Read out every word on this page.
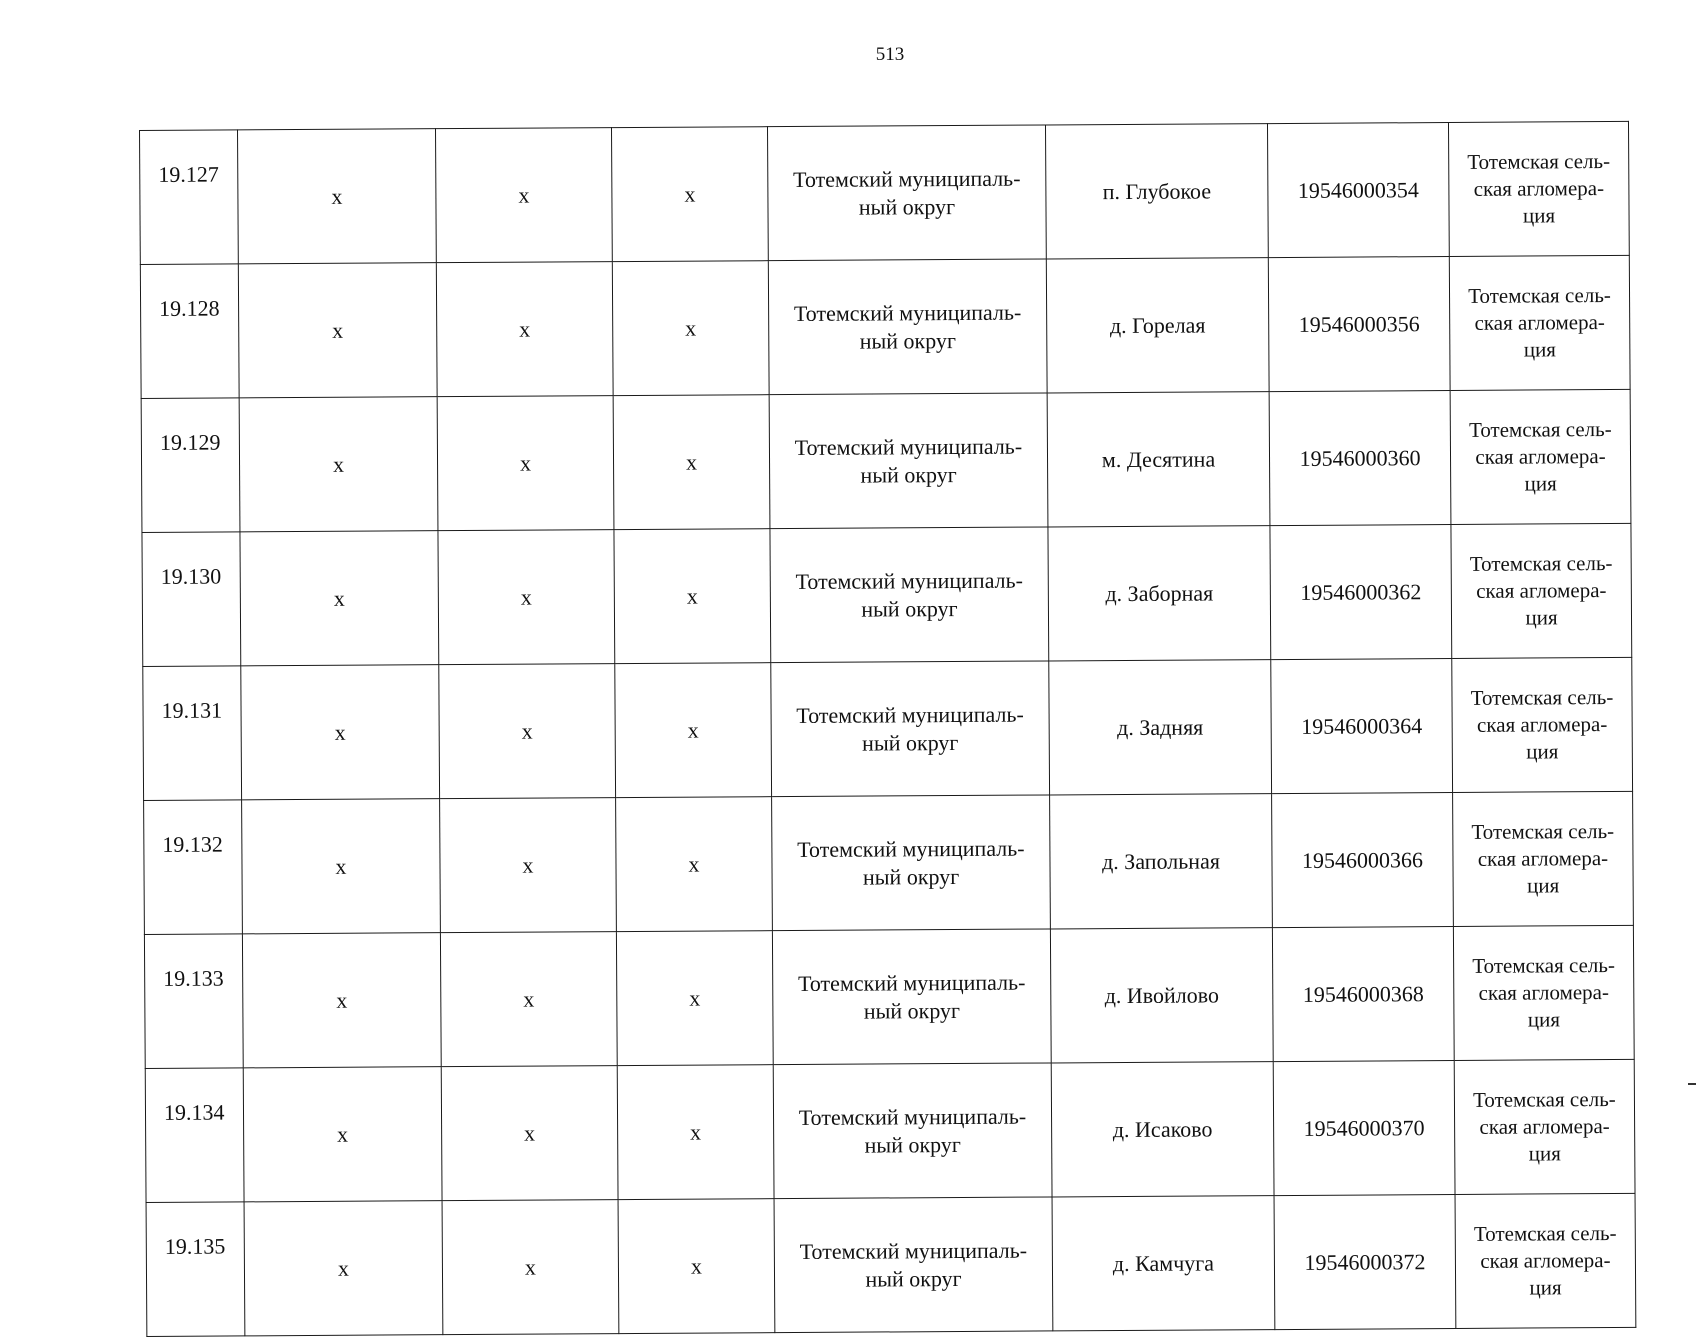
513
19.127	x	x	x	Тотемский муниципаль-
ный округ	п. Глубокое	19546000354	Тотемская сель-
ская агломера-
ция

19.128	x	x	x	Тотемский муниципаль-
ный округ	д. Горелая	19546000356	Тотемская сель-
ская агломера-
ция

19.129	x	x	x	Тотемский муниципаль-
ный округ	м. Десятина	19546000360	Тотемская сель-
ская агломера-
ция

19.130	x	x	x	Тотемский муниципаль-
ный округ	д. Заборная	19546000362	Тотемская сель-
ская агломера-
ция

19.131	x	x	x	Тотемский муниципаль-
ный округ	д. Задняя	19546000364	Тотемская сель-
ская агломера-
ция

19.132	x	x	x	Тотемский муниципаль-
ный округ	д. Запольная	19546000366	Тотемская сель-
ская агломера-
ция

19.133	x	x	x	Тотемский муниципаль-
ный округ	д. Ивойлово	19546000368	Тотемская сель-
ская агломера-
ция

19.134	x	x	x	Тотемский муниципаль-
ный округ	д. Исаково	19546000370	Тотемская сель-
ская агломера-
ция

19.135	x	x	x	Тотемский муниципаль-
ный округ	д. Камчуга	19546000372	Тотемская сель-
ская агломера-
ция
